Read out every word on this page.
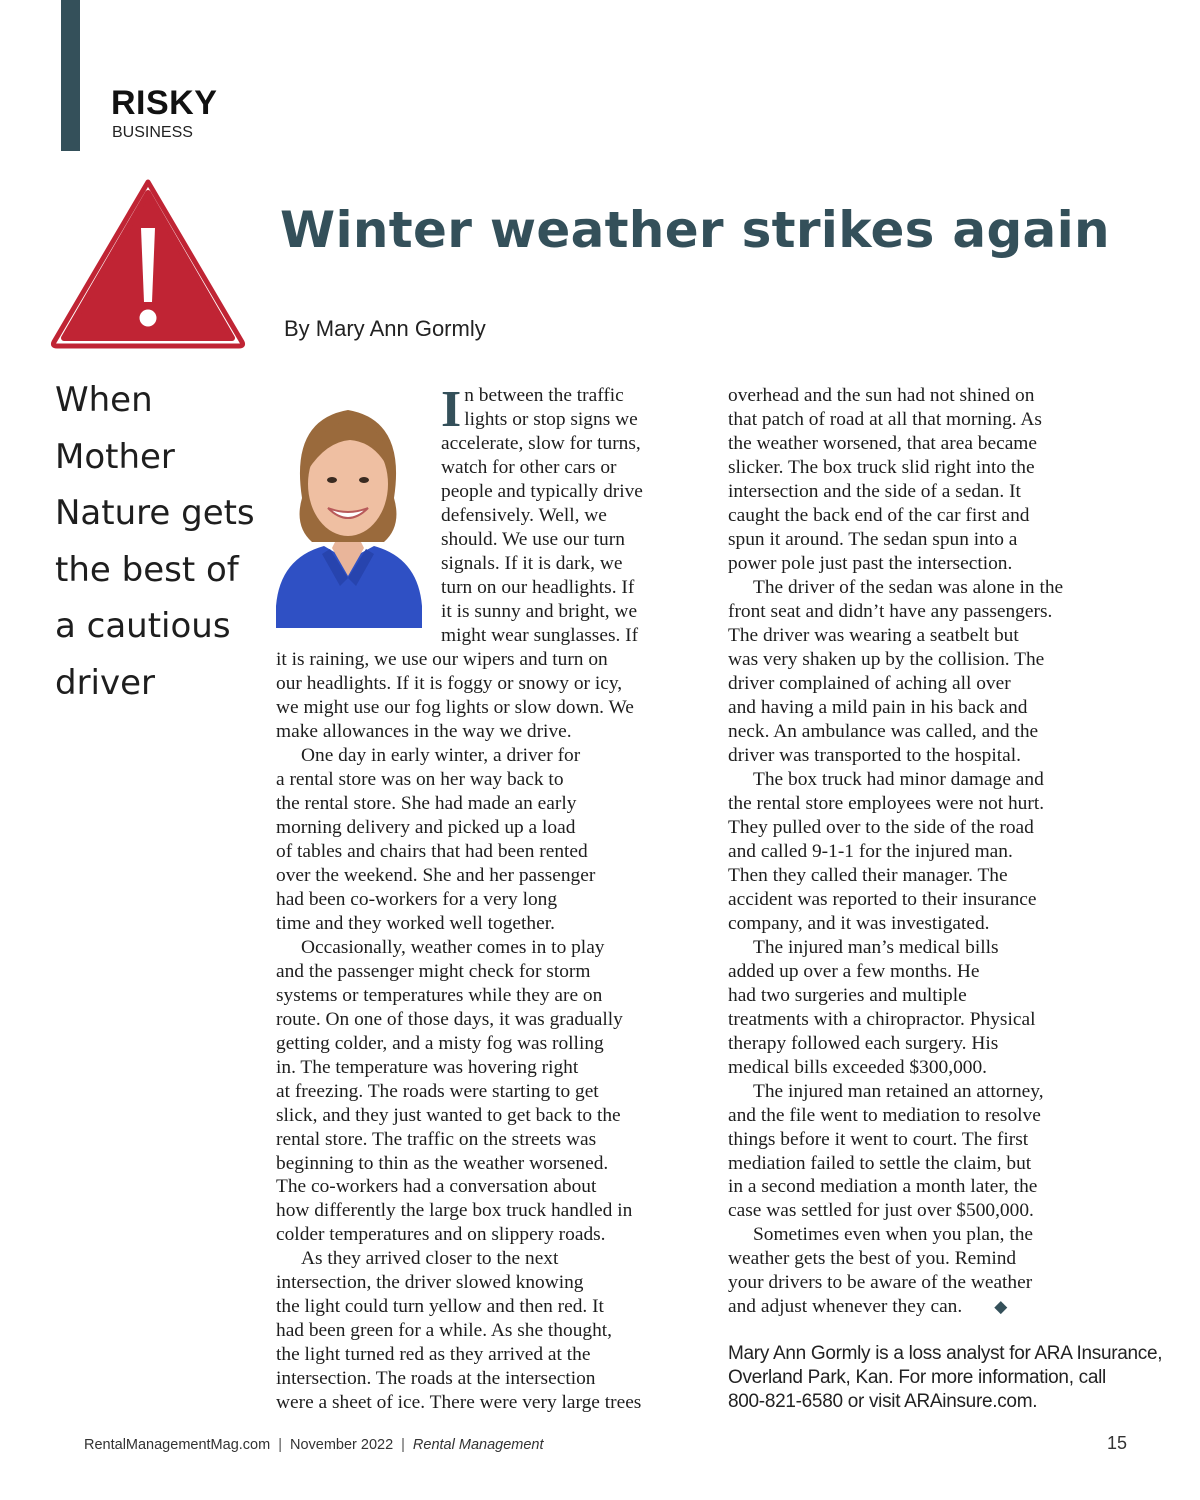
RISKY
BUSINESS
Winter weather strikes again
By Mary Ann Gormly
When Mother Nature gets the best of a cautious driver
I n between the traffic
lights or stop signs we
accelerate, slow for turns,
watch for other cars or
people and typically drive
defensively. Well, we
should. We use our turn
signals. If it is dark, we
turn on our headlights. If
it is sunny and bright, we
might wear sunglasses. If
it is raining, we use our wipers and turn on
our headlights. If it is foggy or snowy or icy,
we might use our fog lights or slow down. We
make allowances in the way we drive.

One day in early winter, a driver for
a rental store was on her way back to
the rental store. She had made an early
morning delivery and picked up a load
of tables and chairs that had been rented
over the weekend. She and her passenger
had been co-workers for a very long
time and they worked well together.

Occasionally, weather comes in to play
and the passenger might check for storm
systems or temperatures while they are on
route. On one of those days, it was gradually
getting colder, and a misty fog was rolling
in. The temperature was hovering right
at freezing. The roads were starting to get
slick, and they just wanted to get back to the
rental store. The traffic on the streets was
beginning to thin as the weather worsened.
The co-workers had a conversation about
how differently the large box truck handled in
colder temperatures and on slippery roads.

As they arrived closer to the next
intersection, the driver slowed knowing
the light could turn yellow and then red. It
had been green for a while. As she thought,
the light turned red as they arrived at the
intersection. The roads at the intersection
were a sheet of ice. There were very large trees

overhead and the sun had not shined on
that patch of road at all that morning. As
the weather worsened, that area became
slicker. The box truck slid right into the
intersection and the side of a sedan. It
caught the back end of the car first and
spun it around. The sedan spun into a
power pole just past the intersection.

The driver of the sedan was alone in the
front seat and didn’t have any passengers.
The driver was wearing a seatbelt but
was very shaken up by the collision. The
driver complained of aching all over
and having a mild pain in his back and
neck. An ambulance was called, and the
driver was transported to the hospital.

The box truck had minor damage and
the rental store employees were not hurt.
They pulled over to the side of the road
and called 9-1-1 for the injured man.
Then they called their manager. The
accident was reported to their insurance
company, and it was investigated.

The injured man’s medical bills
added up over a few months. He
had two surgeries and multiple
treatments with a chiropractor. Physical
therapy followed each surgery. His
medical bills exceeded $300,000.

The injured man retained an attorney,
and the file went to mediation to resolve
things before it went to court. The first
mediation failed to settle the claim, but
in a second mediation a month later, the
case was settled for just over $500,000.

Sometimes even when you plan, the
weather gets the best of you. Remind
your drivers to be aware of the weather
and adjust whenever they can. ◆

Mary Ann Gormly is a loss analyst for ARA Insurance,
Overland Park, Kan. For more information, call
800-821-6580 or visit ARAinsure.com.
RentalManagementMag.com | November 2022 | Rental Management	15
